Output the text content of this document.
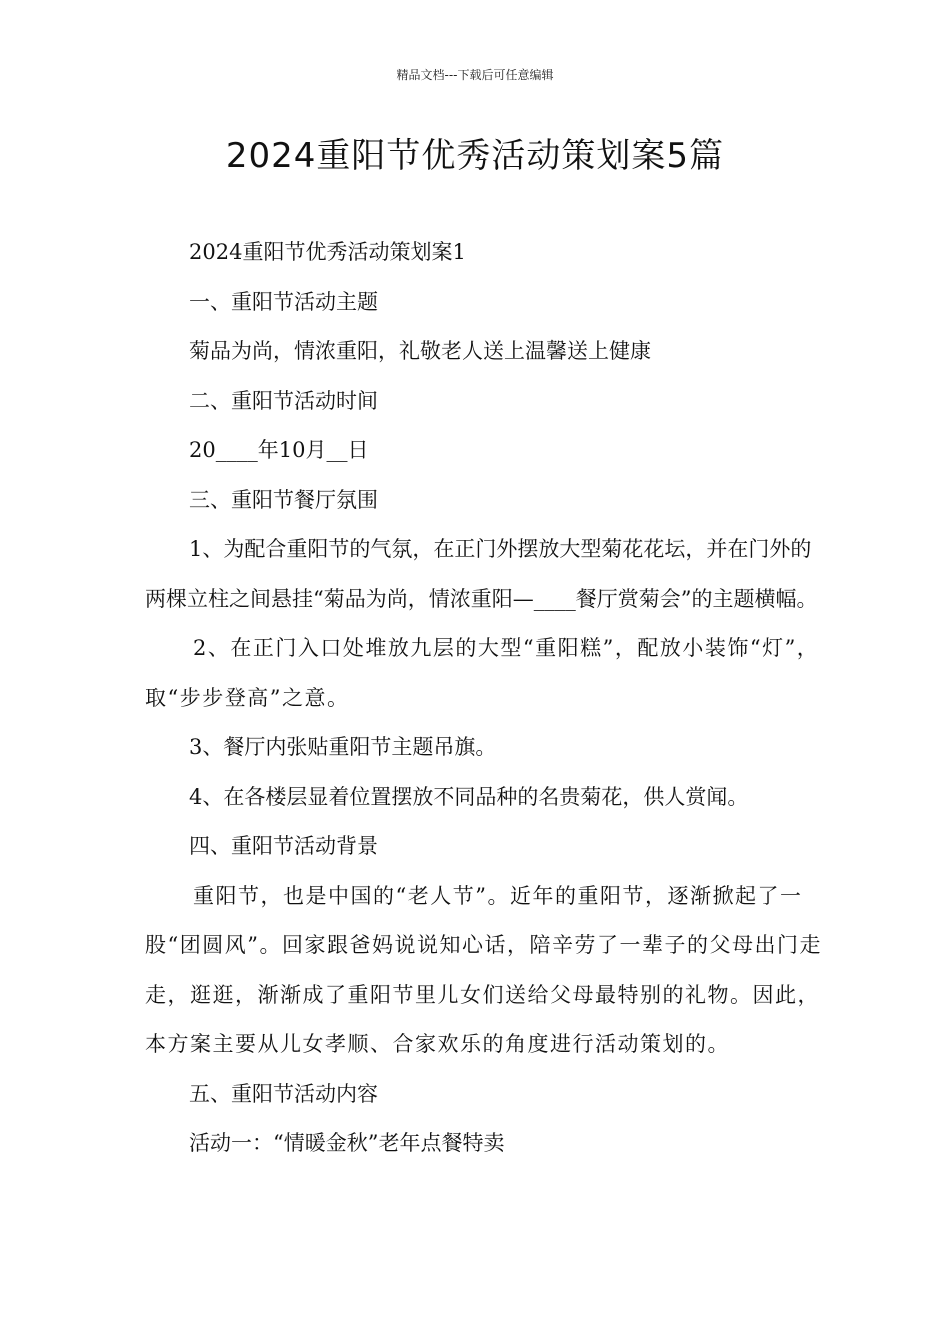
精品文档---下载后可任意编辑
2024重阳节优秀活动策划案5篇

2024重阳节优秀活动策划案1

一、重阳节活动主题

菊品为尚，情浓重阳，礼敬老人送上温馨送上健康

二、重阳节活动时间

20____年10月__日

三、重阳节餐厅氛围

1、为配合重阳节的气氛，在正门外摆放大型菊花花坛，并在门外的两棵立柱之间悬挂“菊品为尚，情浓重阳—____餐厅赏菊会”的主题横幅。

2、在正门入口处堆放九层的大型“重阳糕”，配放小装饰“灯”，取“步步登高”之意。

3、餐厅内张贴重阳节主题吊旗。

4、在各楼层显着位置摆放不同品种的名贵菊花，供人赏闻。

四、重阳节活动背景

重阳节，也是中国的“老人节”。近年的重阳节，逐渐掀起了一股“团圆风”。回家跟爸妈说说知心话，陪辛劳了一辈子的父母出门走走，逛逛，渐渐成了重阳节里儿女们送给父母最特别的礼物。因此，本方案主要从儿女孝顺、合家欢乐的角度进行活动策划的。

五、重阳节活动内容

活动一：“情暖金秋”老年点餐特卖
